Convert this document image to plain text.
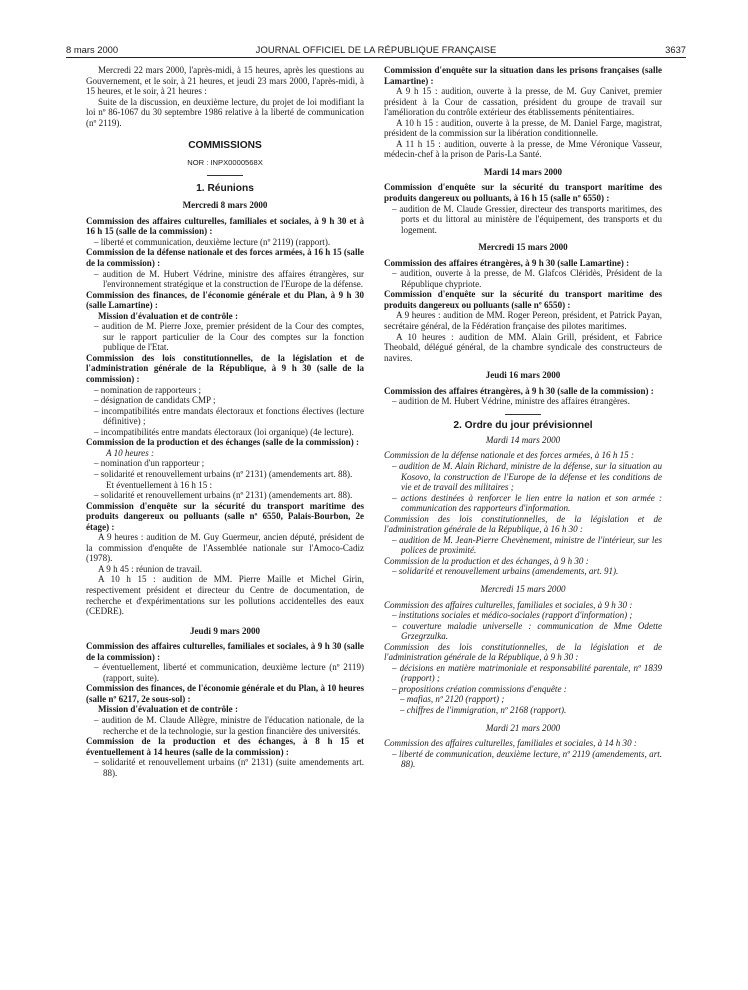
8 mars 2000	JOURNAL OFFICIEL DE LA RÉPUBLIQUE FRANÇAISE	3637

Mercredi 22 mars 2000, l'après-midi, à 15 heures, après les questions au Gouvernement, et le soir, à 21 heures, et jeudi 23 mars 2000, l'après-midi, à 15 heures, et le soir, à 21 heures :

Suite de la discussion, en deuxième lecture, du projet de loi modifiant la loi nº 86-1067 du 30 septembre 1986 relative à la liberté de communication (nº 2119).

COMMISSIONS
NOR : INPX0000568X
1. Réunions
Mercredi 8 mars 2000

Commission des affaires culturelles, familiales et sociales, à 9 h 30 et à 16 h 15 (salle de la commission) :

– liberté et communication, deuxième lecture (nº 2119) (rapport).

Commission de la défense nationale et des forces armées, à 16 h 15 (salle de la commission) :

– audition de M. Hubert Védrine, ministre des affaires étrangères, sur l'environnement stratégique et la construction de l'Europe de la défense.

Commission des finances, de l'économie générale et du Plan, à 9 h 30 (salle Lamartine) :

Mission d'évaluation et de contrôle :

– audition de M. Pierre Joxe, premier président de la Cour des comptes, sur le rapport particulier de la Cour des comptes sur la fonction publique de l'Etat.

Commission des lois constitutionnelles, de la législation et de l'administration générale de la République, à 9 h 30 (salle de la commission) :

– nomination de rapporteurs ;

– désignation de candidats CMP ;

– incompatibilités entre mandats électoraux et fonctions électives (lecture définitive) ;

– incompatibilités entre mandats électoraux (loi organique) (4e lecture).

Commission de la production et des échanges (salle de la commission) :

A 10 heures :

– nomination d'un rapporteur ;

– solidarité et renouvellement urbains (nº 2131) (amendements art. 88).

Et éventuellement à 16 h 15 :

– solidarité et renouvellement urbains (nº 2131) (amendements art. 88).

Commission d'enquête sur la sécurité du transport maritime des produits dangereux ou polluants (salle nº 6550, Palais-Bourbon, 2e étage) :

A 9 heures : audition de M. Guy Guermeur, ancien député, président de la commission d'enquête de l'Assemblée nationale sur l'Amoco-Cadiz (1978).

A 9 h 45 : réunion de travail.

A 10 h 15 : audition de MM. Pierre Maille et Michel Girin, respectivement président et directeur du Centre de documentation, de recherche et d'expérimentations sur les pollutions accidentelles des eaux (CEDRE).

Jeudi 9 mars 2000

Commission des affaires culturelles, familiales et sociales, à 9 h 30 (salle de la commission) :

– éventuellement, liberté et communication, deuxième lecture (nº 2119) (rapport, suite).

Commission des finances, de l'économie générale et du Plan, à 10 heures (salle nº 6217, 2e sous-sol) :

Mission d'évaluation et de contrôle :

– audition de M. Claude Allègre, ministre de l'éducation nationale, de la recherche et de la technologie, sur la gestion financière des universités.

Commission de la production et des échanges, à 8 h 15 et éventuellement à 14 heures (salle de la commission) :

– solidarité et renouvellement urbains (nº 2131) (suite amendements art. 88).

Commission d'enquête sur la situation dans les prisons françaises (salle Lamartine) :

A 9 h 15 : audition, ouverte à la presse, de M. Guy Canivet, premier président à la Cour de cassation, président du groupe de travail sur l'amélioration du contrôle extérieur des établissements pénitentiaires.

A 10 h 15 : audition, ouverte à la presse, de M. Daniel Farge, magistrat, président de la commission sur la libération conditionnelle.

A 11 h 15 : audition, ouverte à la presse, de Mme Véronique Vasseur, médecin-chef à la prison de Paris-La Santé.

Mardi 14 mars 2000

Commission d'enquête sur la sécurité du transport maritime des produits dangereux ou polluants, à 16 h 15 (salle nº 6550) :

– audition de M. Claude Gressier, directeur des transports maritimes, des ports et du littoral au ministère de l'équipement, des transports et du logement.

Mercredi 15 mars 2000

Commission des affaires étrangères, à 9 h 30 (salle Lamartine) :

– audition, ouverte à la presse, de M. Glafcos Cléridès, Président de la République chypriote.

Commission d'enquête sur la sécurité du transport maritime des produits dangereux ou polluants (salle nº 6550) :

A 9 heures : audition de MM. Roger Pereon, président, et Patrick Payan, secrétaire général, de la Fédération française des pilotes maritimes.

A 10 heures : audition de MM. Alain Grill, président, et Fabrice Theobald, délégué général, de la chambre syndicale des constructeurs de navires.

Jeudi 16 mars 2000

Commission des affaires étrangères, à 9 h 30 (salle de la commission) :

– audition de M. Hubert Védrine, ministre des affaires étrangères.

2. Ordre du jour prévisionnel
Mardi 14 mars 2000

Commission de la défense nationale et des forces armées, à 16 h 15 :

– audition de M. Alain Richard, ministre de la défense, sur la situation au Kosovo, la construction de l'Europe de la défense et les conditions de vie et de travail des militaires ;

– actions destinées à renforcer le lien entre la nation et son armée : communication des rapporteurs d'information.

Commission des lois constitutionnelles, de la législation et de l'administration générale de la République, à 16 h 30 :

– audition de M. Jean-Pierre Chevènement, ministre de l'intérieur, sur les polices de proximité.

Commission de la production et des échanges, à 9 h 30 :

– solidarité et renouvellement urbains (amendements, art. 91).

Mercredi 15 mars 2000

Commission des affaires culturelles, familiales et sociales, à 9 h 30 :

– institutions sociales et médico-sociales (rapport d'information) ;

– couverture maladie universelle : communication de Mme Odette Grzegrzulka.

Commission des lois constitutionnelles, de la législation et de l'administration générale de la République, à 9 h 30 :

– décisions en matière matrimoniale et responsabilité parentale, nº 1839 (rapport) ;

– propositions création commissions d'enquête :

– mafias, nº 2120 (rapport) ;

– chiffres de l'immigration, nº 2168 (rapport).

Mardi 21 mars 2000

Commission des affaires culturelles, familiales et sociales, à 14 h 30 :

– liberté de communication, deuxième lecture, nº 2119 (amendements, art. 88).
